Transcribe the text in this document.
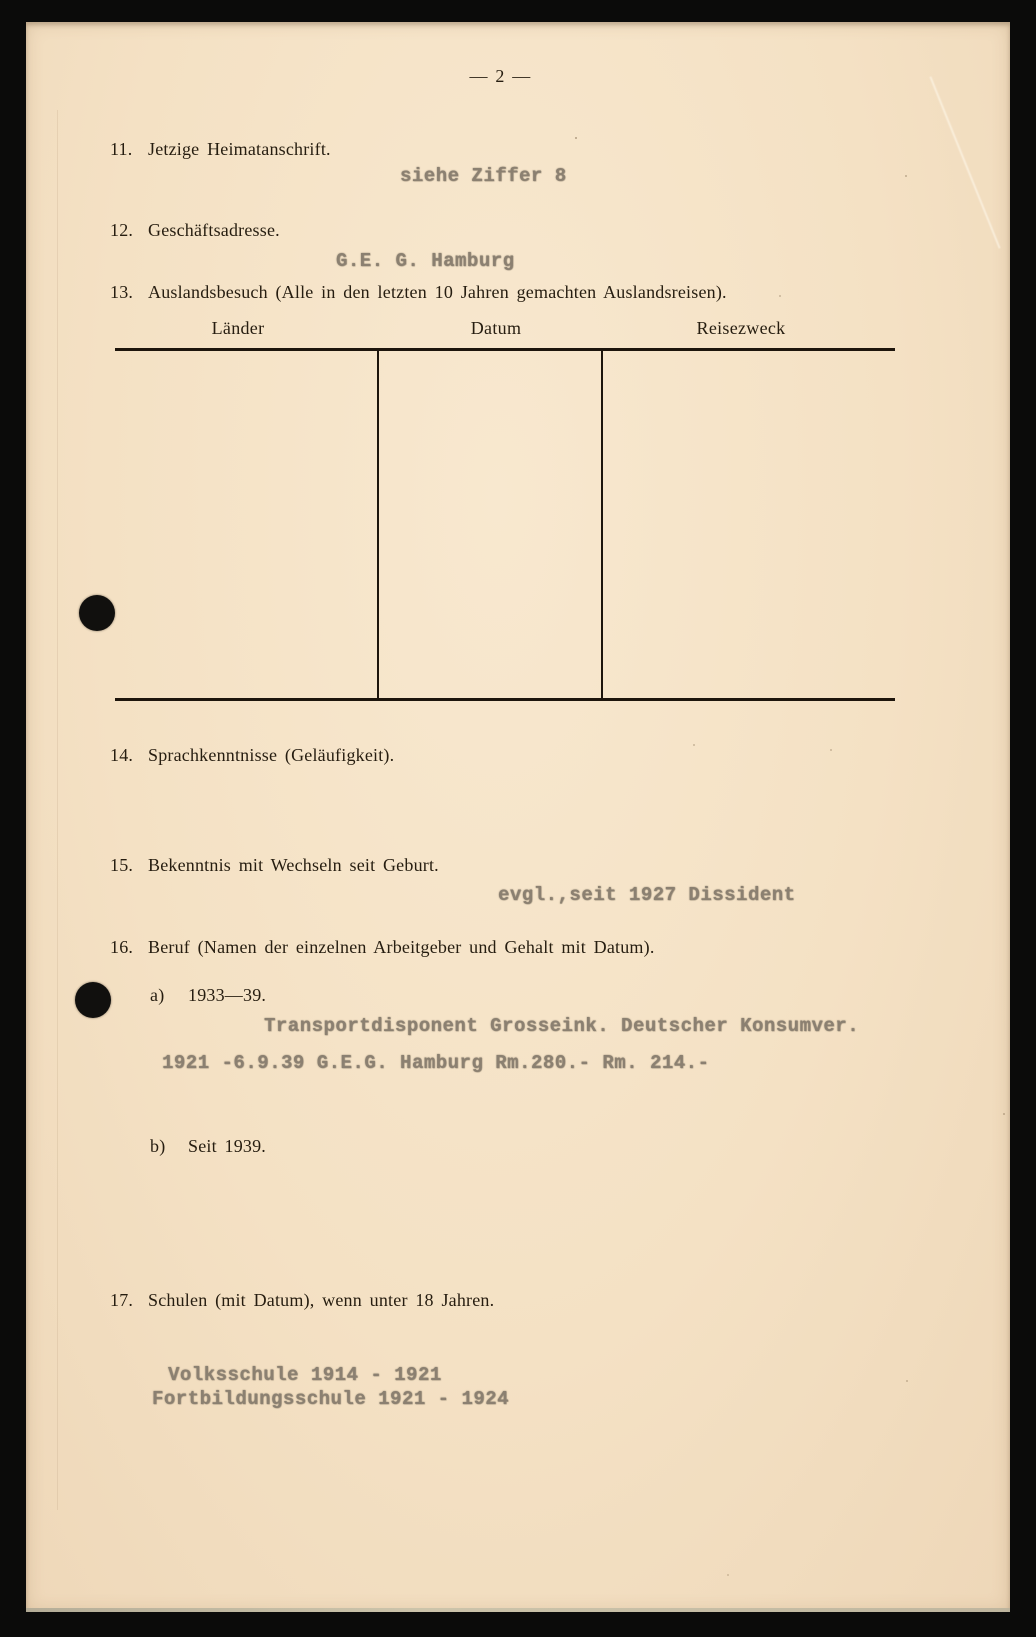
— 2 —
11. Jetzige Heimatanschrift.
siehe Ziffer 8
12. Geschäftsadresse.
G.E. G. Hamburg
13. Auslandsbesuch (Alle in den letzten 10 Jahren gemachten Auslandsreisen).
Länder	Datum	Reisezweck
14. Sprachkenntnisse (Geläufigkeit).
15. Bekenntnis mit Wechseln seit Geburt.
evgl.,seit 1927 Dissident
16. Beruf (Namen der einzelnen Arbeitgeber und Gehalt mit Datum).
a) 1933—39.
Transportdisponent Grosseink. Deutscher Konsumver.
1921 -6.9.39 G.E.G. Hamburg Rm.280.- Rm. 214.-
b) Seit 1939.
17. Schulen (mit Datum), wenn unter 18 Jahren.
Volksschule 1914 - 1921
Fortbildungsschule 1921 - 1924
